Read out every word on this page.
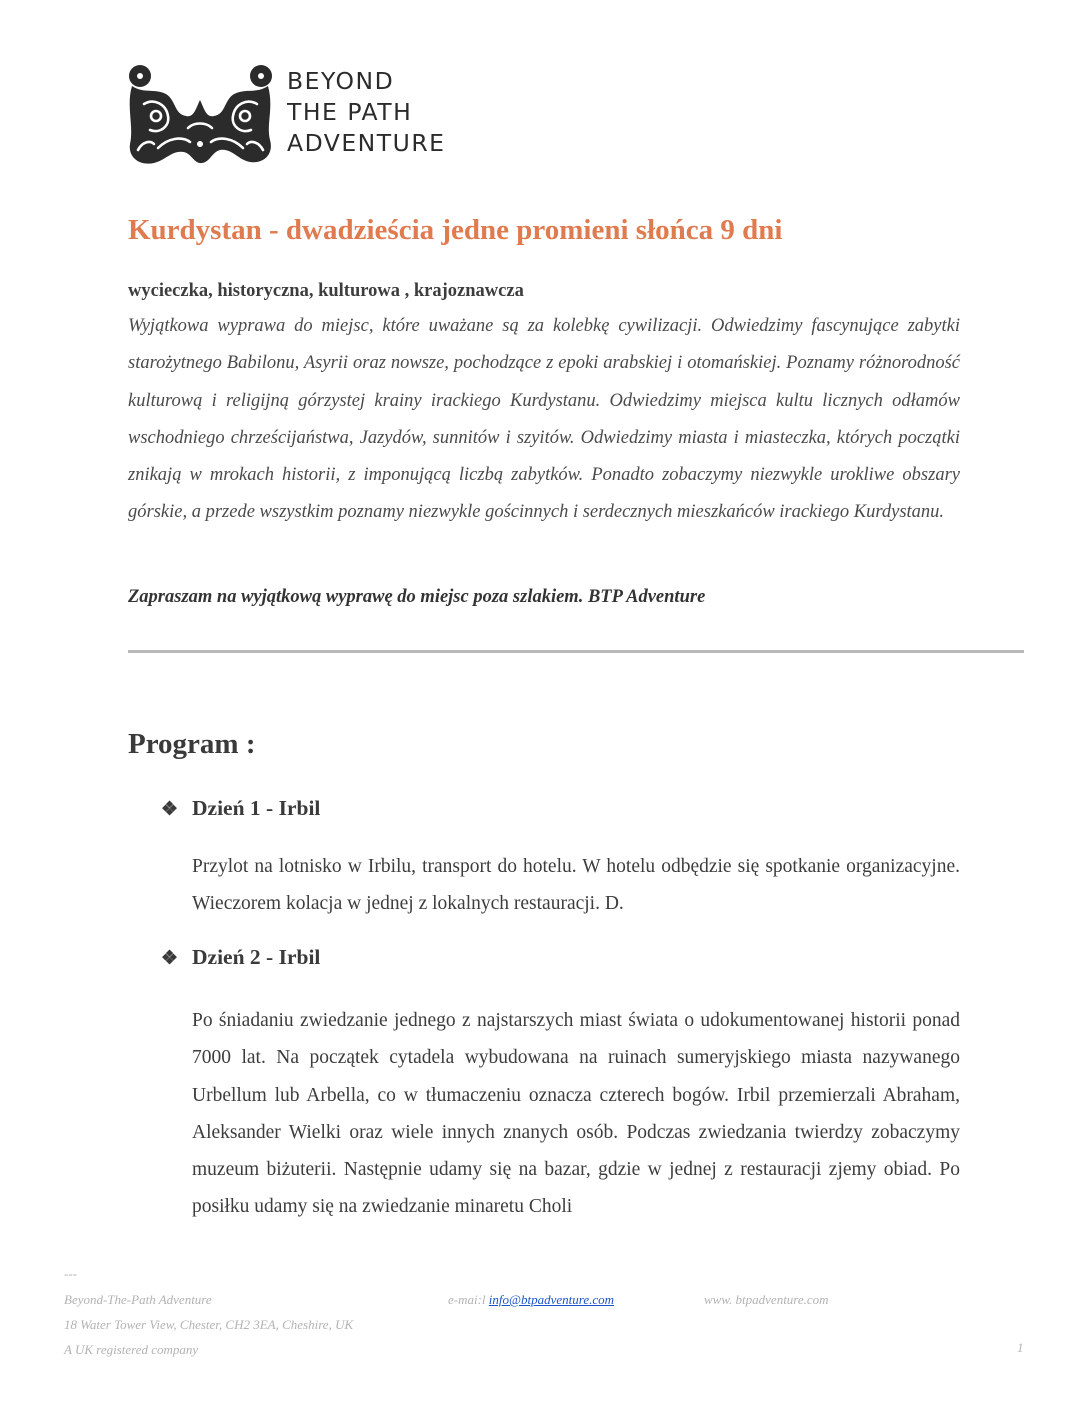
BEYOND
THE PATH
ADVENTURE
Kurdystan - dwadzieścia jedne promieni słońca 9 dni
wycieczka, historyczna, kulturowa , krajoznawcza

Wyjątkowa wyprawa do miejsc, które uważane są za kolebkę cywilizacji. Odwiedzimy fascynujące zabytki starożytnego Babilonu, Asyrii oraz nowsze, pochodzące z epoki arabskiej i otomańskiej. Poznamy różnorodność kulturową i religijną górzystej krainy irackiego Kurdystanu. Odwiedzimy miejsca kultu licznych odłamów wschodniego chrześcijaństwa, Jazydów, sunnitów i szyitów. Odwiedzimy miasta i miasteczka, których początki znikają w mrokach historii, z imponującą liczbą zabytków. Ponadto zobaczymy niezwykle urokliwe obszary górskie, a przede wszystkim poznamy niezwykle gościnnych i serdecznych mieszkańców irackiego Kurdystanu.

Zapraszam na wyjątkową wyprawę do miejsc poza szlakiem. BTP Adventure
Program :
❖ Dzień 1 - Irbil

Przylot na lotnisko w Irbilu, transport do hotelu. W hotelu odbędzie się spotkanie organizacyjne. Wieczorem kolacja w jednej z lokalnych restauracji. D.

❖ Dzień 2 - Irbil

Po śniadaniu zwiedzanie jednego z najstarszych miast świata o udokumentowanej historii ponad 7000 lat. Na początek cytadela wybudowana na ruinach sumeryjskiego miasta nazywanego Urbellum lub Arbella, co w tłumaczeniu oznacza czterech bogów. Irbil przemierzali Abraham, Aleksander Wielki oraz wiele innych znanych osób. Podczas zwiedzania twierdzy zobaczymy muzeum biżuterii. Następnie udamy się na bazar, gdzie w jednej z restauracji zjemy obiad. Po posiłku udamy się na zwiedzanie minaretu Choli

---
Beyond-The-Path Adventure	e-mai:l info@btpadventure.com	www. btpadventure.com
18 Water Tower View, Chester, CH2 3EA, Cheshire, UK
A UK registered company	1
